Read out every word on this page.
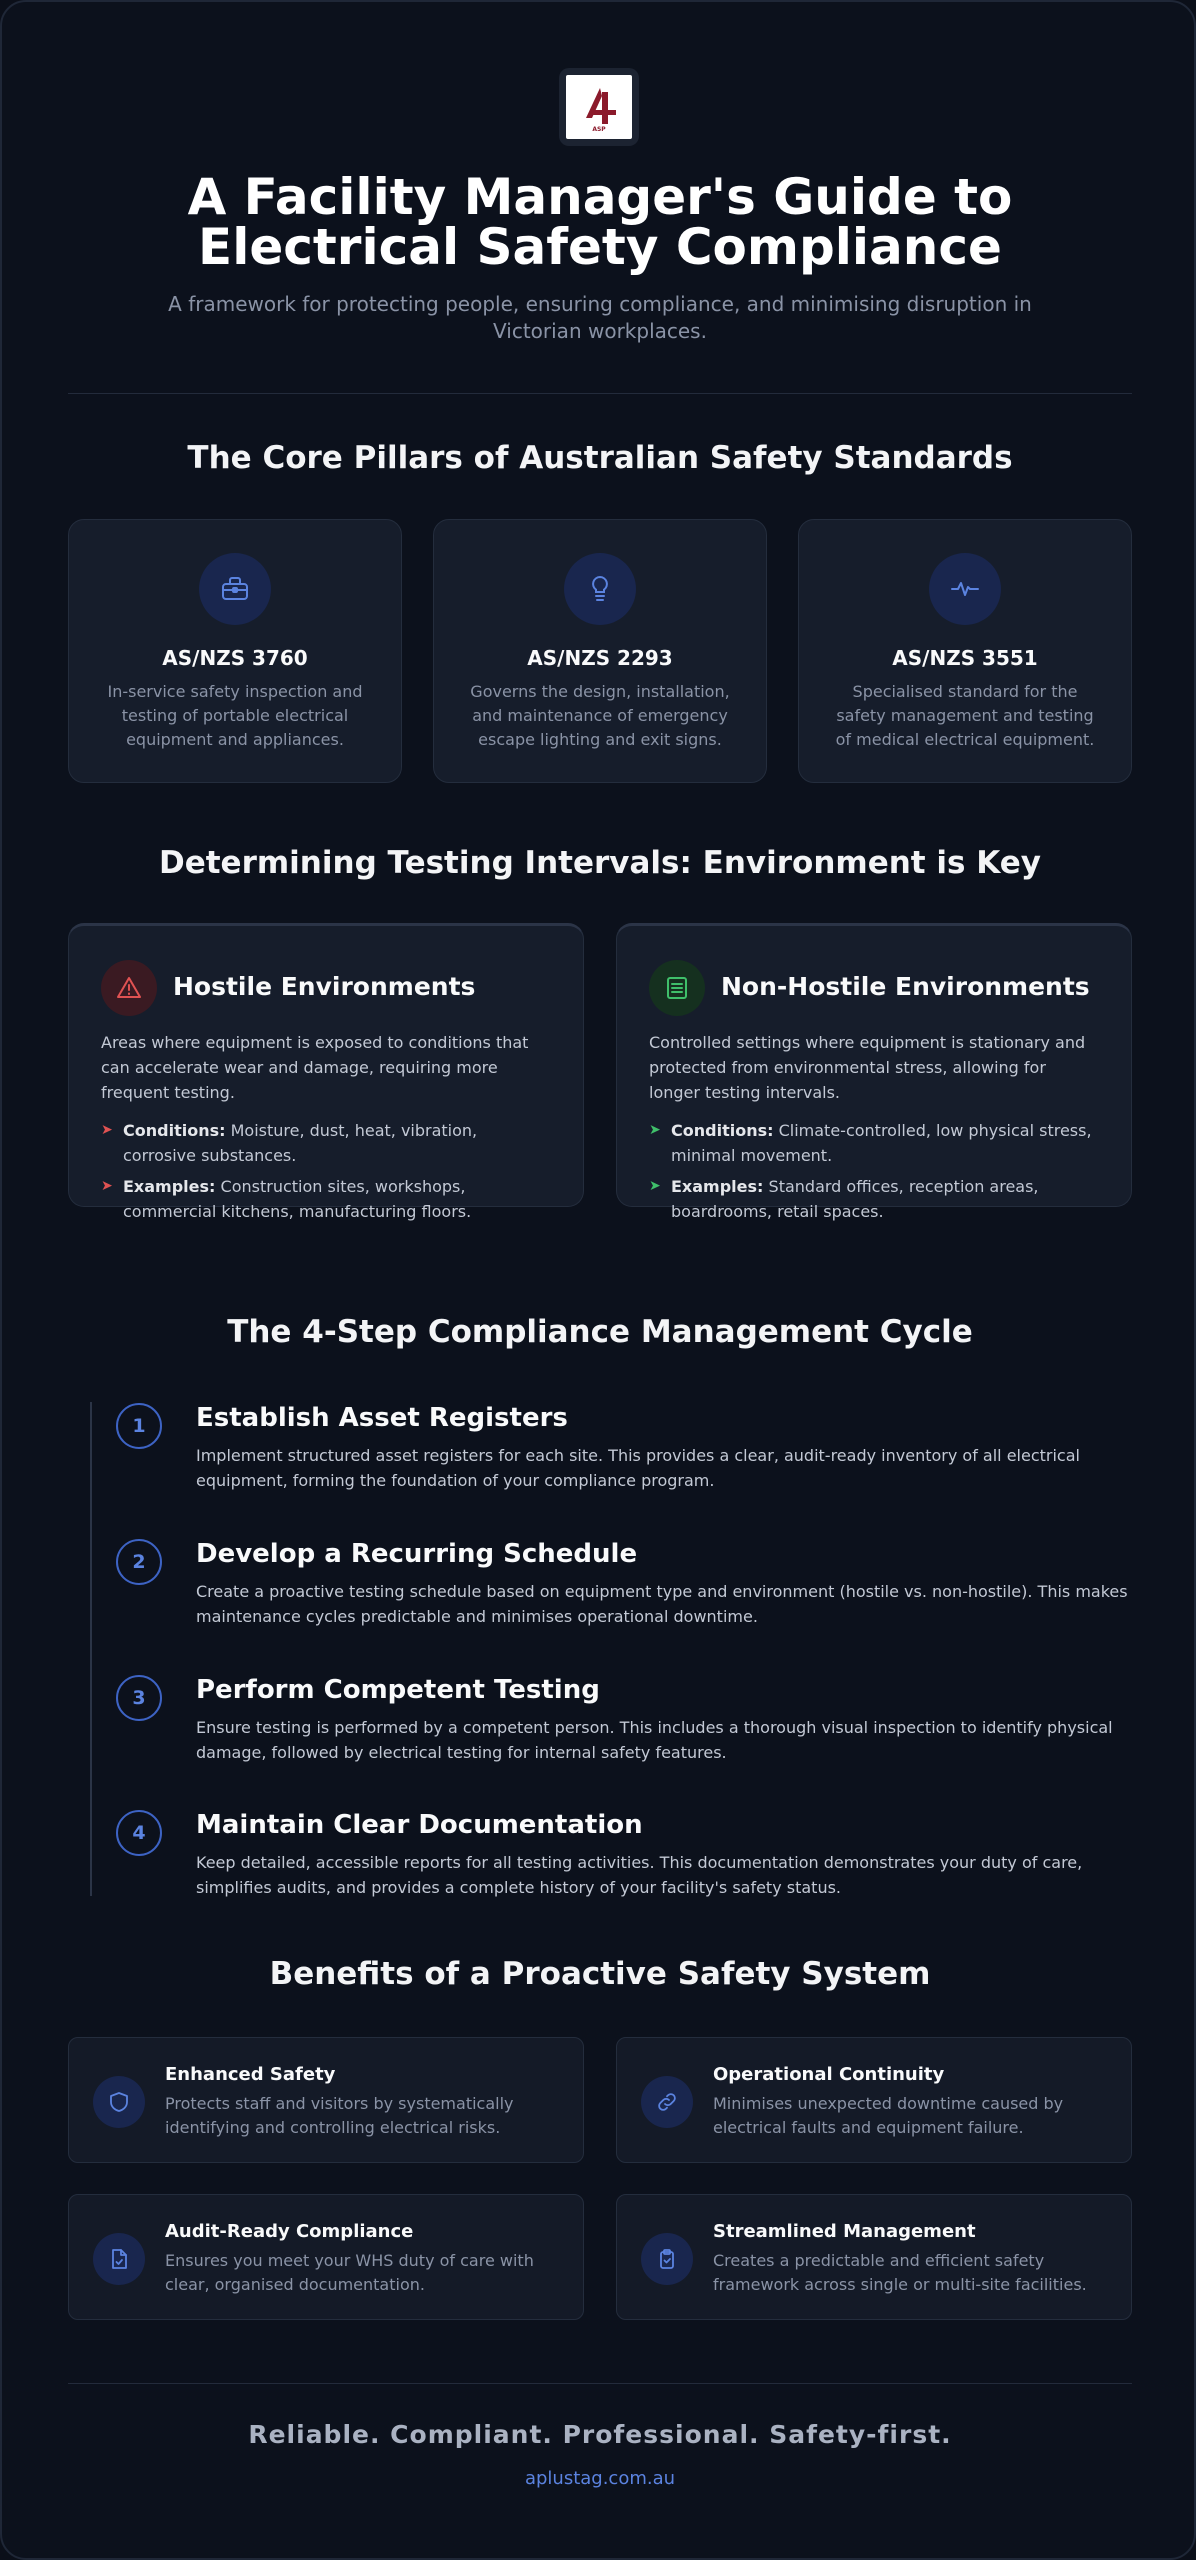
ASP
A Facility Manager's Guide to Electrical Safety Compliance

A framework for protecting people, ensuring compliance, and minimising disruption in Victorian workplaces.

The Core Pillars of Australian Safety Standards
AS/NZS 3760

In-service safety inspection and testing of portable electrical equipment and appliances.

AS/NZS 2293

Governs the design, installation, and maintenance of emergency escape lighting and exit signs.

AS/NZS 3551

Specialised standard for the safety management and testing of medical electrical equipment.

Determining Testing Intervals: Environment is Key
Hostile Environments

Areas where equipment is exposed to conditions that can accelerate wear and damage, requiring more frequent testing.

➤ Conditions: Moisture, dust, heat, vibration, corrosive substances.
➤ Examples: Construction sites, workshops, commercial kitchens, manufacturing floors.
Non-Hostile Environments

Controlled settings where equipment is stationary and protected from environmental stress, allowing for longer testing intervals.

➤ Conditions: Climate-controlled, low physical stress, minimal movement.
➤ Examples: Standard offices, reception areas, boardrooms, retail spaces.
The 4-Step Compliance Management Cycle
1	Establish Asset Registers

Implement structured asset registers for each site. This provides a clear, audit-ready inventory of all electrical equipment, forming the foundation of your compliance program.

2	Develop a Recurring Schedule

Create a proactive testing schedule based on equipment type and environment (hostile vs. non-hostile). This makes maintenance cycles predictable and minimises operational downtime.

3	Perform Competent Testing

Ensure testing is performed by a competent person. This includes a thorough visual inspection to identify physical damage, followed by electrical testing for internal safety features.

4	Maintain Clear Documentation

Keep detailed, accessible reports for all testing activities. This documentation demonstrates your duty of care, simplifies audits, and provides a complete history of your facility's safety status.

Benefits of a Proactive Safety System
Enhanced Safety

Protects staff and visitors by systematically identifying and controlling electrical risks.

Operational Continuity

Minimises unexpected downtime caused by electrical faults and equipment failure.

Audit-Ready Compliance

Ensures you meet your WHS duty of care with clear, organised documentation.

Streamlined Management

Creates a predictable and efficient safety framework across single or multi-site facilities.

Reliable. Compliant. Professional. Safety-first.

aplustag.com.au
